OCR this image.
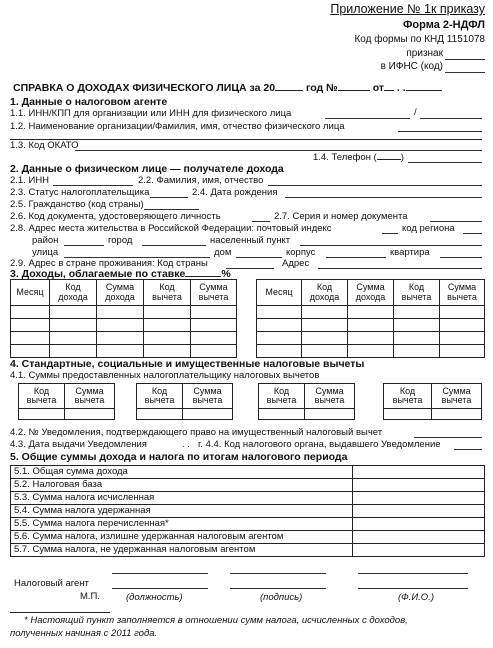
Приложение № 1к приказу
Форма 2-НДФЛ
Код формы по КНД 1151078
признак
в ИФНС (код)
СПРАВКА О ДОХОДАХ ФИЗИЧЕСКОГО ЛИЦА за 20	год №	от . .
1. Данные о налоговом агенте
1.1. ИНН/КПП для организации или ИНН для физического лица	/
1.2. Наименование организации/Фамилия, имя, отчество физического лица
1.3. Код ОКАТО
1.4. Телефон (	)
2. Данные о физическом лице — получателе дохода
2.1. ИНН	2.2. Фамилия, имя, отчество
2.3. Статус налогоплательщика	2.4. Дата рождения
2.5. Гражданство (код страны)
2.6. Код документа, удостоверяющего личность	2.7. Серия и номер документа
2.8. Адрес места жительства в Российской Федерации: почтовый индекс	код региона
район	город	населенный пункт
улица	дом	корпус	квартира
2.9. Адрес в стране проживания: Код страны	Адрес
3. Доходы, облагаемые по ставке	%
Месяц	Код дохода	Сумма дохода	Код вычета	Сумма вычета

					Месяц	Код дохода	Сумма дохода	Код вычета	Сумма вычета

4. Стандартные, социальные и имущественные налоговые вычеты
4.1. Суммы предоставленных налогоплательщику налоговых вычетов
Код вычета	Сумма вычета

Код вычета	Сумма вычета

Код вычета	Сумма вычета

Код вычета	Сумма вычета

4.2. № Уведомления, подтверждающего право на имущественный налоговый вычет
4.3. Дата выдачи Уведомления	. . г. 4.4. Код налогового органа, выдавшего Уведомление
5. Общие суммы дохода и налога по итогам налогового периода
5.1. Общая сумма дохода	
5.2. Налоговая база	
5.3. Сумма налога исчисленная	
5.4. Сумма налога удержанная	
5.5. Сумма налога перечисленная*	
5.6. Сумма налога, излишне удержанная налоговым агентом	
5.7. Сумма налога, не удержанная налоговым агентом	
Налоговый агент
М.П.	(должность)	(подпись)	(Ф.И.О.)
* Настоящий пункт заполняется в отношении сумм налога, исчисленных с доходов,
полученных начиная с 2011 года.
